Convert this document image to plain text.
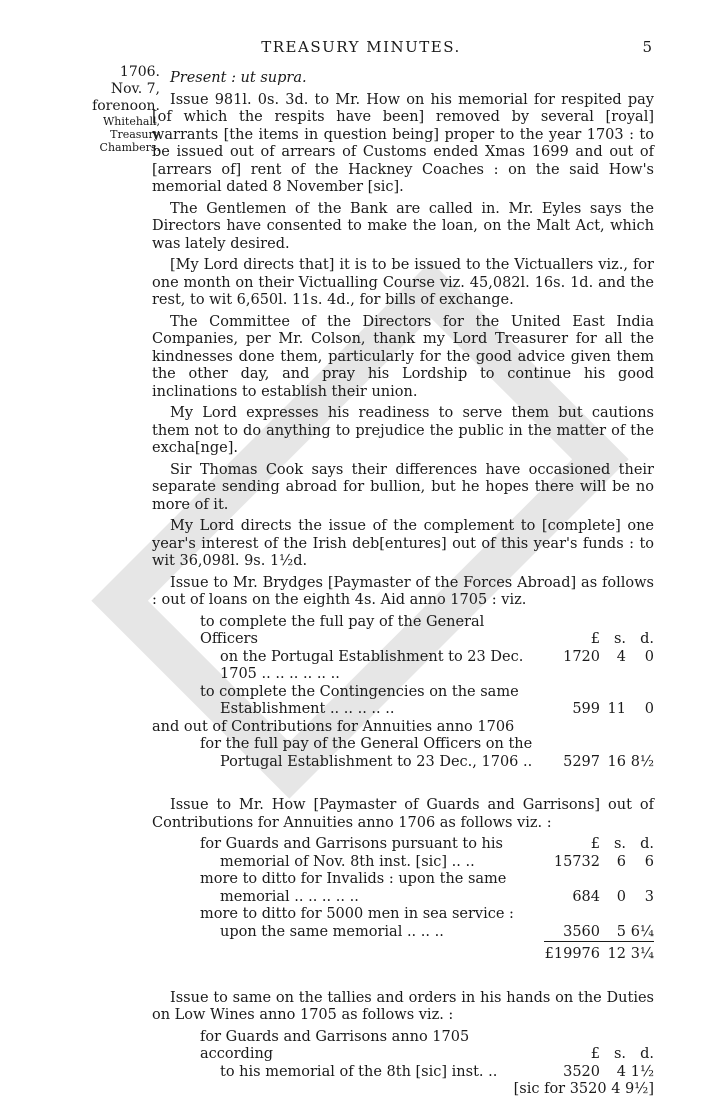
TREASURY MINUTES.	5
1706.
Nov. 7,
forenoon.
Whitehall,
Treasury
Chambers.

Present : ut supra.

Issue 981l. 0s. 3d. to Mr. How on his memorial for respited pay [of which the respits have been] removed by several [royal] warrants [the items in question being] proper to the year 1703 : to be issued out of arrears of Customs ended Xmas 1699 and out of [arrears of] rent of the Hackney Coaches : on the said How's memorial dated 8 November [sic].

The Gentlemen of the Bank are called in. Mr. Eyles says the Directors have consented to make the loan, on the Malt Act, which was lately desired.

[My Lord directs that] it is to be issued to the Victuallers viz., for one month on their Victualling Course viz. 45,082l. 16s. 1d. and the rest, to wit 6,650l. 11s. 4d., for bills of exchange.

The Committee of the Directors for the United East India Companies, per Mr. Colson, thank my Lord Treasurer for all the kindnesses done them, particularly for the good advice given them the other day, and pray his Lordship to continue his good inclinations to establish their union.

My Lord expresses his readiness to serve them but cautions them not to do anything to prejudice the public in the matter of the excha[nge].

Sir Thomas Cook says their differences have occasioned their separate sending abroad for bullion, but he hopes there will be no more of it.

My Lord directs the issue of the complement to [complete] one year's interest of the Irish deb[entures] out of this year's funds : to wit 36,098l. 9s. 1½d.

Issue to Mr. Brydges [Paymaster of the Forces Abroad] as follows : out of loans on the eighth 4s. Aid anno 1705 : viz.

to complete the full pay of the General Officers	£	s.	d.

on the Portugal Establishment to 23 Dec.	1720	4	0

1705 .. .. .. .. .. ..			

to complete the Contingencies on the same			

Establishment .. .. .. .. ..	599	11	0
and out of Contributions for Annuities anno 1706			
for the full pay of the General Officers on the			

Portugal Establishment to 23 Dec., 1706 ..	5297	16	8½

Issue to Mr. How [Paymaster of Guards and Garrisons] out of Contributions for Annuities anno 1706 as follows viz. :

for Guards and Garrisons pursuant to his	£	s.	d.

memorial of Nov. 8th inst. [sic] .. ..	15732	6	6
more to ditto for Invalids : upon the same			

memorial .. .. .. .. ..	684	0	3
more to ditto for 5000 men in sea service :			

upon the same memorial .. .. ..	3560	5	6¼
	£19976	12	3¼

Issue to same on the tallies and orders in his hands on the Duties on Low Wines anno 1705 as follows viz. :

for Guards and Garrisons anno 1705 according	£	s.	d.

to his memorial of the 8th [sic] inst. ..	3520	4	1½
[sic for 3520 4 9½]			
